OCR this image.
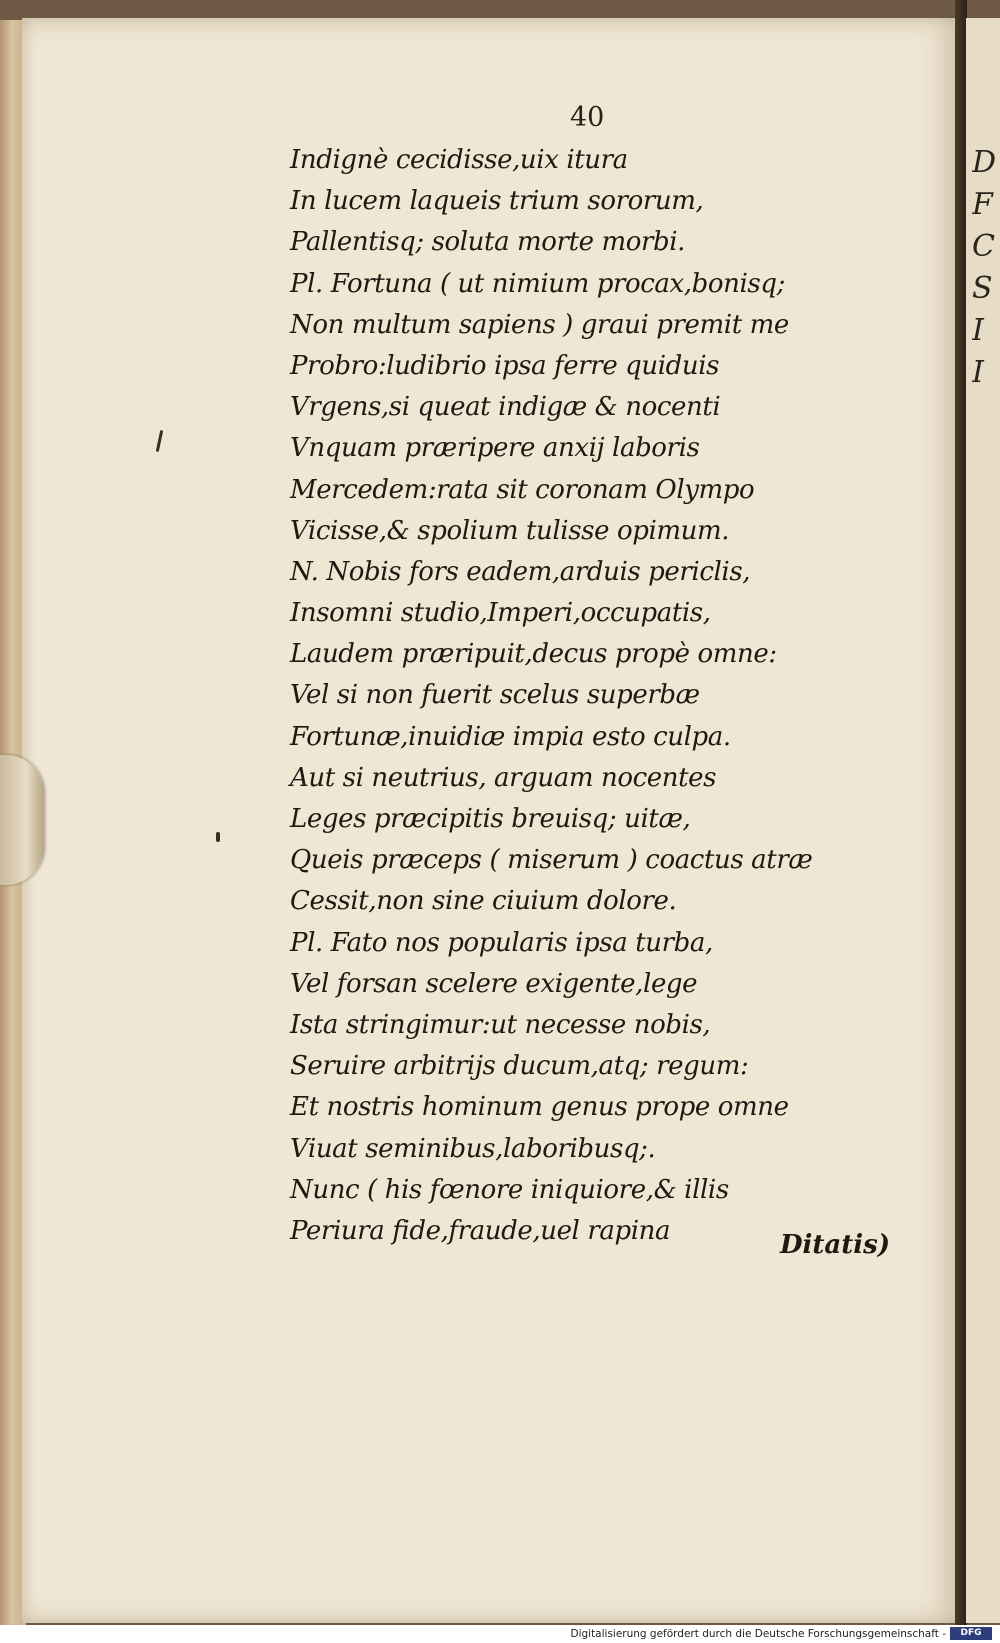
D
F
C
S
I
I
40
Indignè cecidisse,uix itura
In lucem laqueis trium sororum,
Pallentisq; soluta morte morbi.
Pl. Fortuna ( ut nimium procax,bonisq;
Non multum sapiens ) graui premit me
Probro:ludibrio ipsa ferre quiduis
Vrgens,si queat indigæ & nocenti
Vnquam præripere anxij laboris
Mercedem:rata sit coronam Olympo
Vicisse,& spolium tulisse opimum.
N. Nobis fors eadem,arduis periclis,
Insomni studio,Imperi,occupatis,
Laudem præripuit,decus propè omne:
Vel si non fuerit scelus superbæ
Fortunæ,inuidiæ impia esto culpa.
Aut si neutrius, arguam nocentes
Leges præcipitis breuisq; uitæ,
Queis præceps ( miserum ) coactus atræ
Cessit,non sine ciuium dolore.
Pl. Fato nos popularis ipsa turba,
Vel forsan scelere exigente,lege
Ista stringimur:ut necesse nobis,
Seruire arbitrijs ducum,atq; regum:
Et nostris hominum genus prope omne
Viuat seminibus,laboribusq;.
Nunc ( his fœnore iniquiore,& illis
Periura fide,fraude,uel rapina	Ditatis)
Digitalisierung gefördert durch die Deutsche Forschungsgemeinschaft -	DFG
